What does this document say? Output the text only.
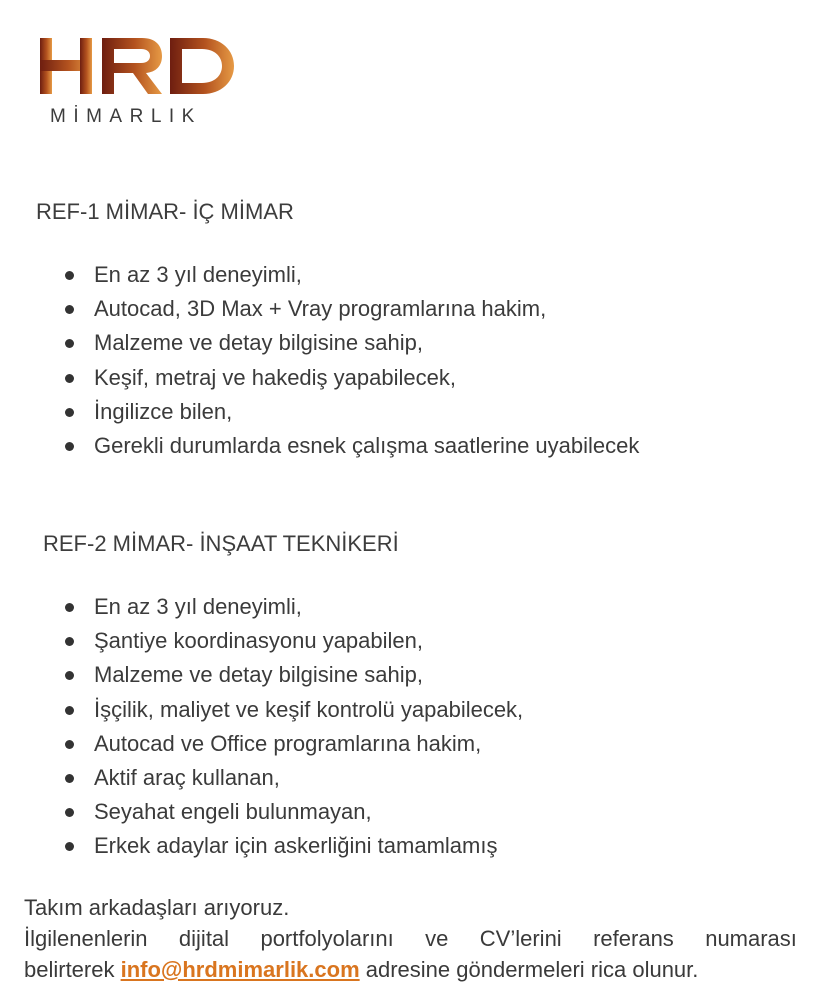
MİMARLIK
REF-1 MİMAR- İÇ MİMAR
En az 3 yıl deneyimli,
Autocad, 3D Max + Vray programlarına hakim,
Malzeme ve detay bilgisine sahip,
Keşif, metraj ve hakediş yapabilecek,
İngilizce bilen,
Gerekli durumlarda esnek çalışma saatlerine uyabilecek
REF-2 MİMAR- İNŞAAT TEKNİKERİ
En az 3 yıl deneyimli,
Şantiye koordinasyonu yapabilen,
Malzeme ve detay bilgisine sahip,
İşçilik, maliyet ve keşif kontrolü yapabilecek,
Autocad ve Office programlarına hakim,
Aktif araç kullanan,
Seyahat engeli bulunmayan,
Erkek adaylar için askerliğini tamamlamış
Takım arkadaşları arıyoruz.
İlgilenenlerin dijital portfolyolarını ve CV’lerini referans numarası
belirterek info@hrdmimarlik.com adresine göndermeleri rica olunur.
